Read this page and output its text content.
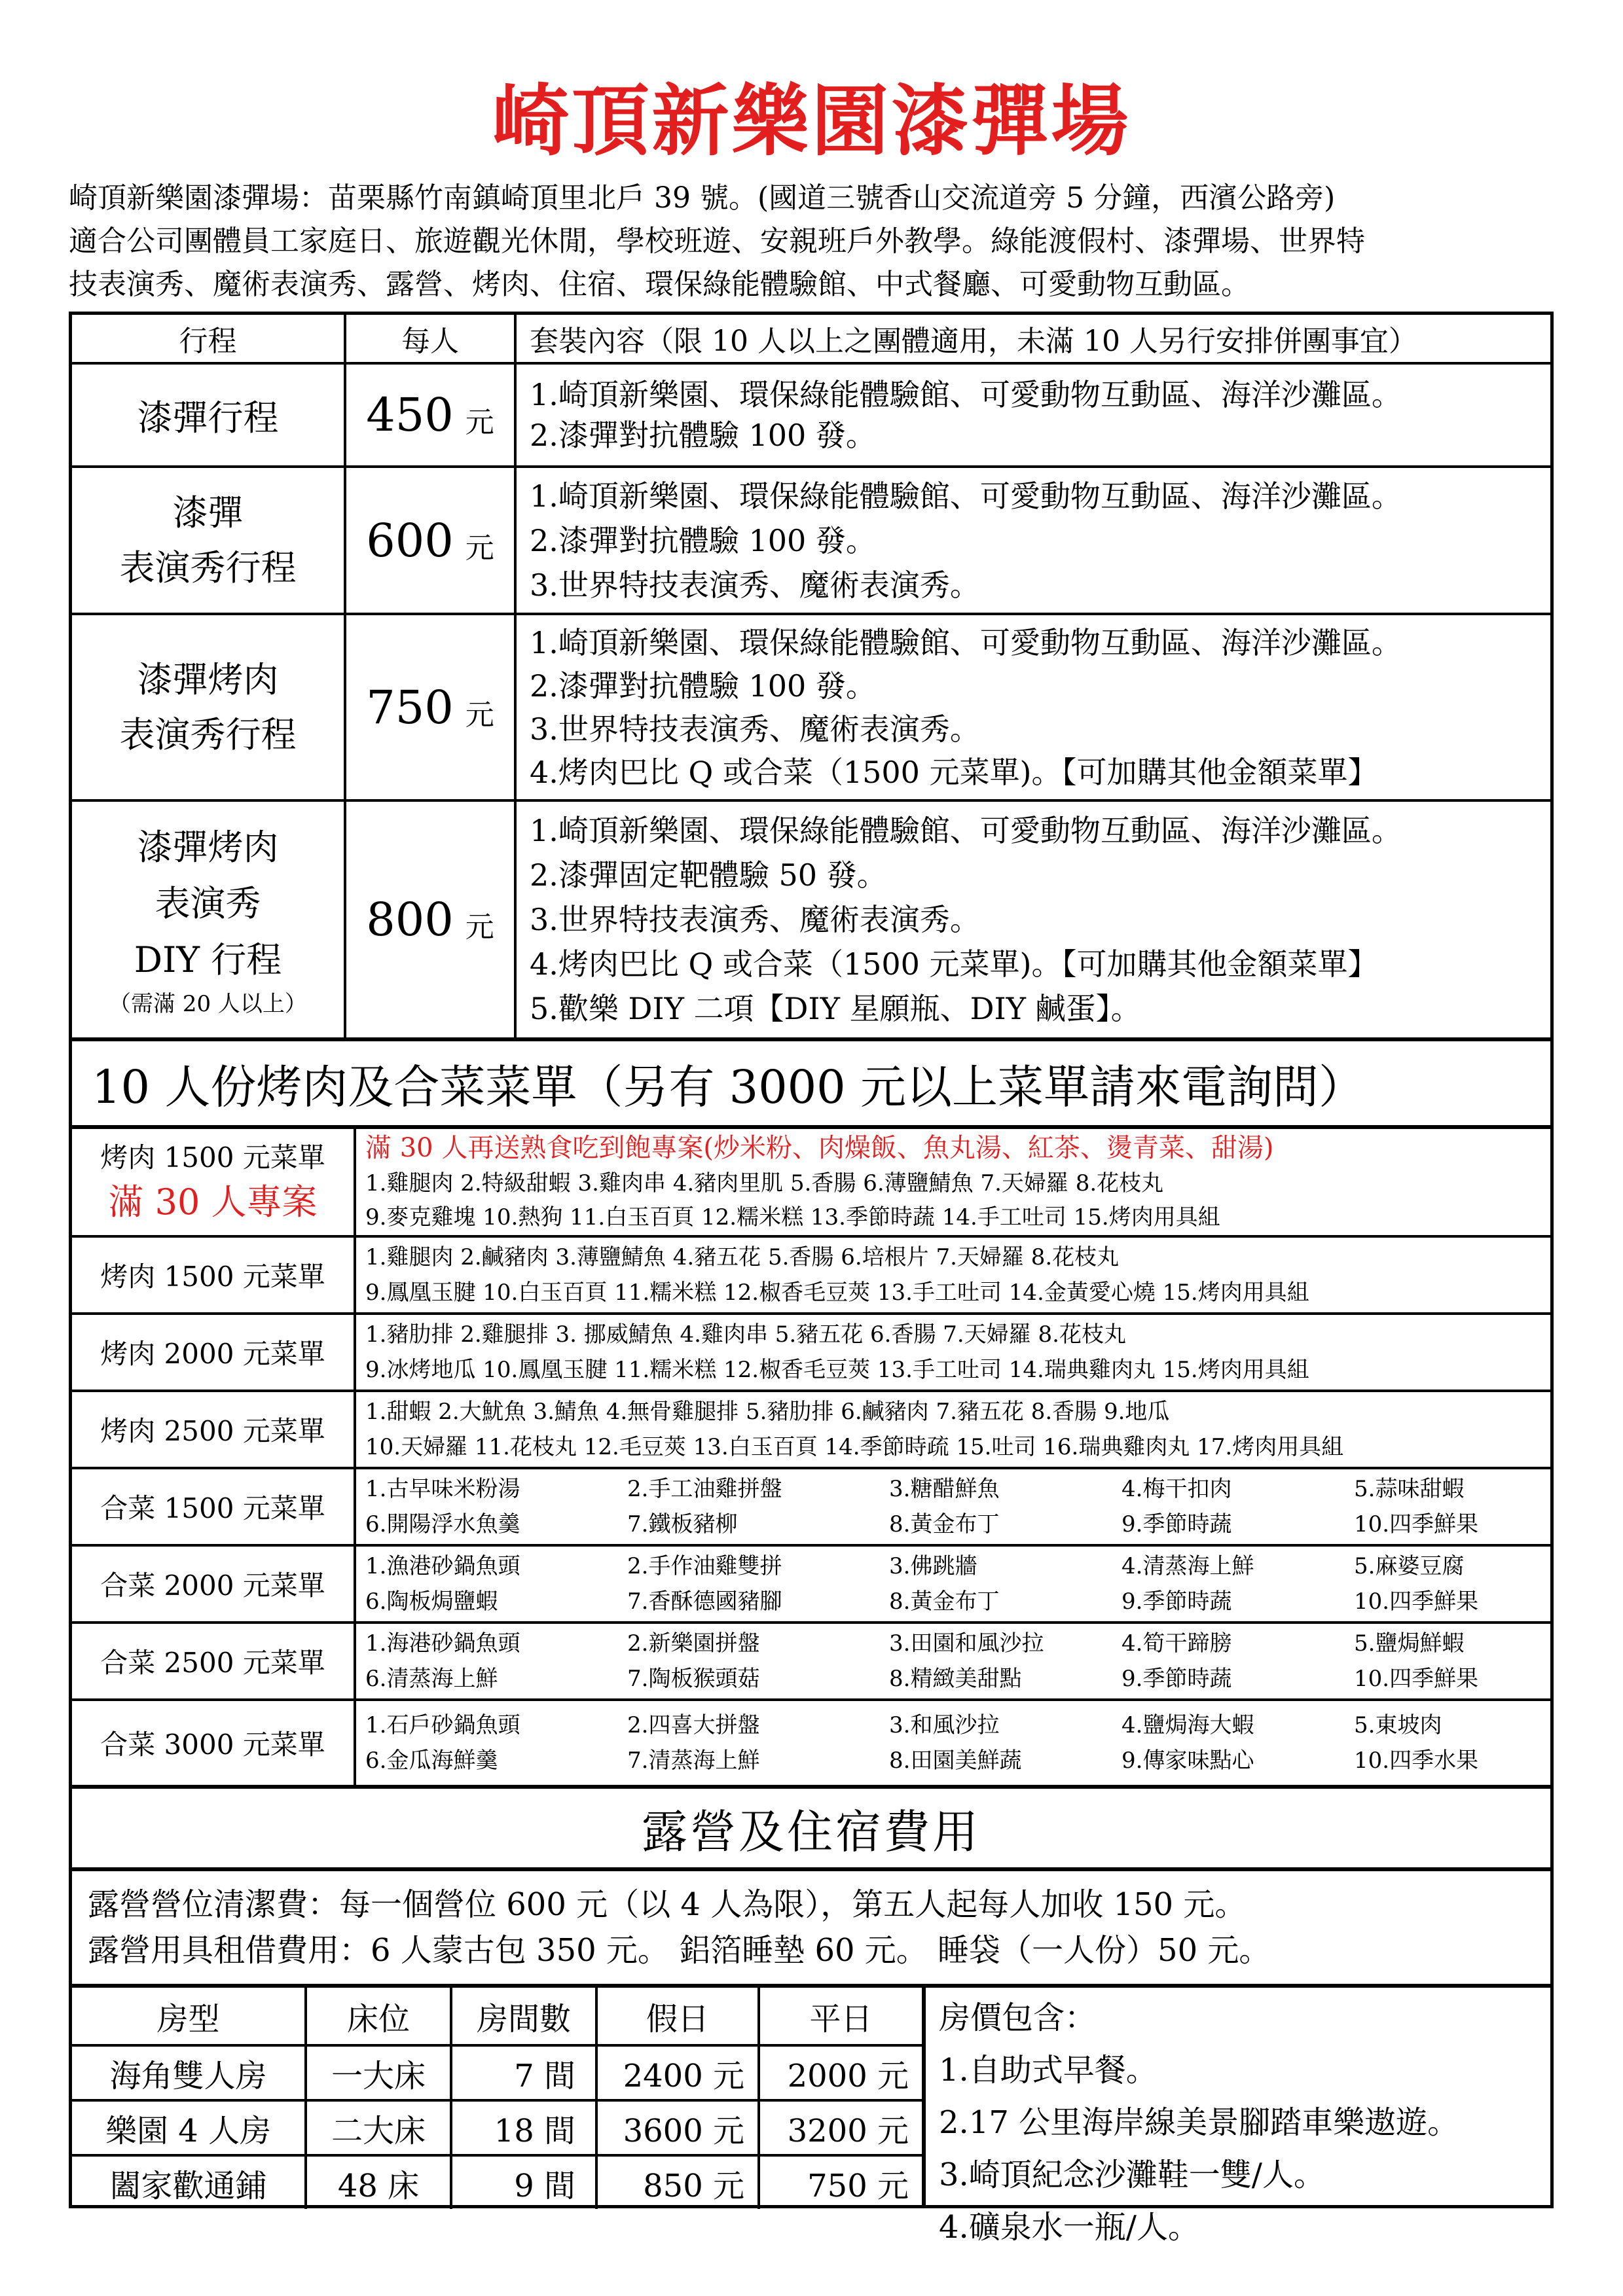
崎頂新樂園漆彈場
崎頂新樂園漆彈場：苗栗縣竹南鎮崎頂里北戶 39 號。(國道三號香山交流道旁 5 分鐘，西濱公路旁)
適合公司團體員工家庭日、旅遊觀光休閒，學校班遊、安親班戶外教學。綠能渡假村、漆彈場、世界特
技表演秀、魔術表演秀、露營、烤肉、住宿、環保綠能體驗館、中式餐廳、可愛動物互動區。
行程	每人	套裝內容（限 10 人以上之團體適用，未滿 10 人另行安排併團事宜）
漆彈行程 450 元
1.崎頂新樂園、環保綠能體驗館、可愛動物互動區、海洋沙灘區。
2.漆彈對抗體驗 100 發。
漆彈
表演秀行程
600 元
1.崎頂新樂園、環保綠能體驗館、可愛動物互動區、海洋沙灘區。
2.漆彈對抗體驗 100 發。
3.世界特技表演秀、魔術表演秀。
漆彈烤肉
表演秀行程
750 元
1.崎頂新樂園、環保綠能體驗館、可愛動物互動區、海洋沙灘區。
2.漆彈對抗體驗 100 發。
3.世界特技表演秀、魔術表演秀。
4.烤肉巴比 Q 或合菜（1500 元菜單)。【可加購其他金額菜單】
漆彈烤肉
表演秀
DIY 行程
（需滿 20 人以上）
800 元
1.崎頂新樂園、環保綠能體驗館、可愛動物互動區、海洋沙灘區。
2.漆彈固定靶體驗 50 發。
3.世界特技表演秀、魔術表演秀。
4.烤肉巴比 Q 或合菜（1500 元菜單)。【可加購其他金額菜單】
5.歡樂 DIY 二項【DIY 星願瓶、DIY 鹹蛋】。
10 人份烤肉及合菜菜單（另有 3000 元以上菜單請來電詢問）
烤肉 1500 元菜單
滿 30 人專案
滿 30 人再送熟食吃到飽專案(炒米粉、肉燥飯、魚丸湯、紅茶、燙青菜、甜湯)
1.雞腿肉 2.特級甜蝦 3.雞肉串 4.豬肉里肌 5.香腸 6.薄鹽鯖魚 7.天婦羅 8.花枝丸
9.麥克雞塊 10.熱狗 11.白玉百頁 12.糯米糕 13.季節時蔬 14.手工吐司 15.烤肉用具組
烤肉 1500 元菜單
1.雞腿肉 2.鹹豬肉 3.薄鹽鯖魚 4.豬五花 5.香腸 6.培根片 7.天婦羅 8.花枝丸
9.鳳凰玉腱 10.白玉百頁 11.糯米糕 12.椒香毛豆莢 13.手工吐司 14.金黃愛心燒 15.烤肉用具組
烤肉 2000 元菜單
1.豬肋排 2.雞腿排 3. 挪威鯖魚 4.雞肉串 5.豬五花 6.香腸 7.天婦羅 8.花枝丸
9.冰烤地瓜 10.鳳凰玉腱 11.糯米糕 12.椒香毛豆莢 13.手工吐司 14.瑞典雞肉丸 15.烤肉用具組
烤肉 2500 元菜單
1.甜蝦 2.大魷魚 3.鯖魚 4.無骨雞腿排 5.豬肋排 6.鹹豬肉 7.豬五花 8.香腸 9.地瓜
10.天婦羅 11.花枝丸 12.毛豆莢 13.白玉百頁 14.季節時疏 15.吐司 16.瑞典雞肉丸 17.烤肉用具組
合菜 1500 元菜單
1.古早味米粉湯	2.手工油雞拼盤	3.糖醋鮮魚	4.梅干扣肉	5.蒜味甜蝦
6.開陽浮水魚羹	7.鐵板豬柳	8.黃金布丁	9.季節時蔬	10.四季鮮果
合菜 2000 元菜單
1.漁港砂鍋魚頭	2.手作油雞雙拼	3.佛跳牆	4.清蒸海上鮮	5.麻婆豆腐
6.陶板焗鹽蝦	7.香酥德國豬腳	8.黃金布丁	9.季節時蔬	10.四季鮮果
合菜 2500 元菜單
1.海港砂鍋魚頭	2.新樂園拼盤	3.田園和風沙拉	4.筍干蹄膀	5.鹽焗鮮蝦
6.清蒸海上鮮	7.陶板猴頭菇	8.精緻美甜點	9.季節時蔬	10.四季鮮果
合菜 3000 元菜單
1.石戶砂鍋魚頭	2.四喜大拼盤	3.和風沙拉	4.鹽焗海大蝦	5.東坡肉
6.金瓜海鮮羹	7.清蒸海上鮮	8.田園美鮮蔬	9.傳家味點心	10.四季水果
露營及住宿費用
露營營位清潔費：每一個營位 600 元（以 4 人為限），第五人起每人加收 150 元。
露營用具租借費用：6 人蒙古包 350 元。 鋁箔睡墊 60 元。 睡袋（一人份）50 元。
房型	床位	房間數	假日	平日
海角雙人房	一大床	7 間	2400 元	2000 元
樂園 4 人房	二大床	18 間	3600 元	3200 元
闔家歡通鋪	48 床	9 間	850 元	750 元
房價包含：
1.自助式早餐。
2.17 公里海岸線美景腳踏車樂遨遊。
3.崎頂紀念沙灘鞋一雙/人。
4.礦泉水一瓶/人。
